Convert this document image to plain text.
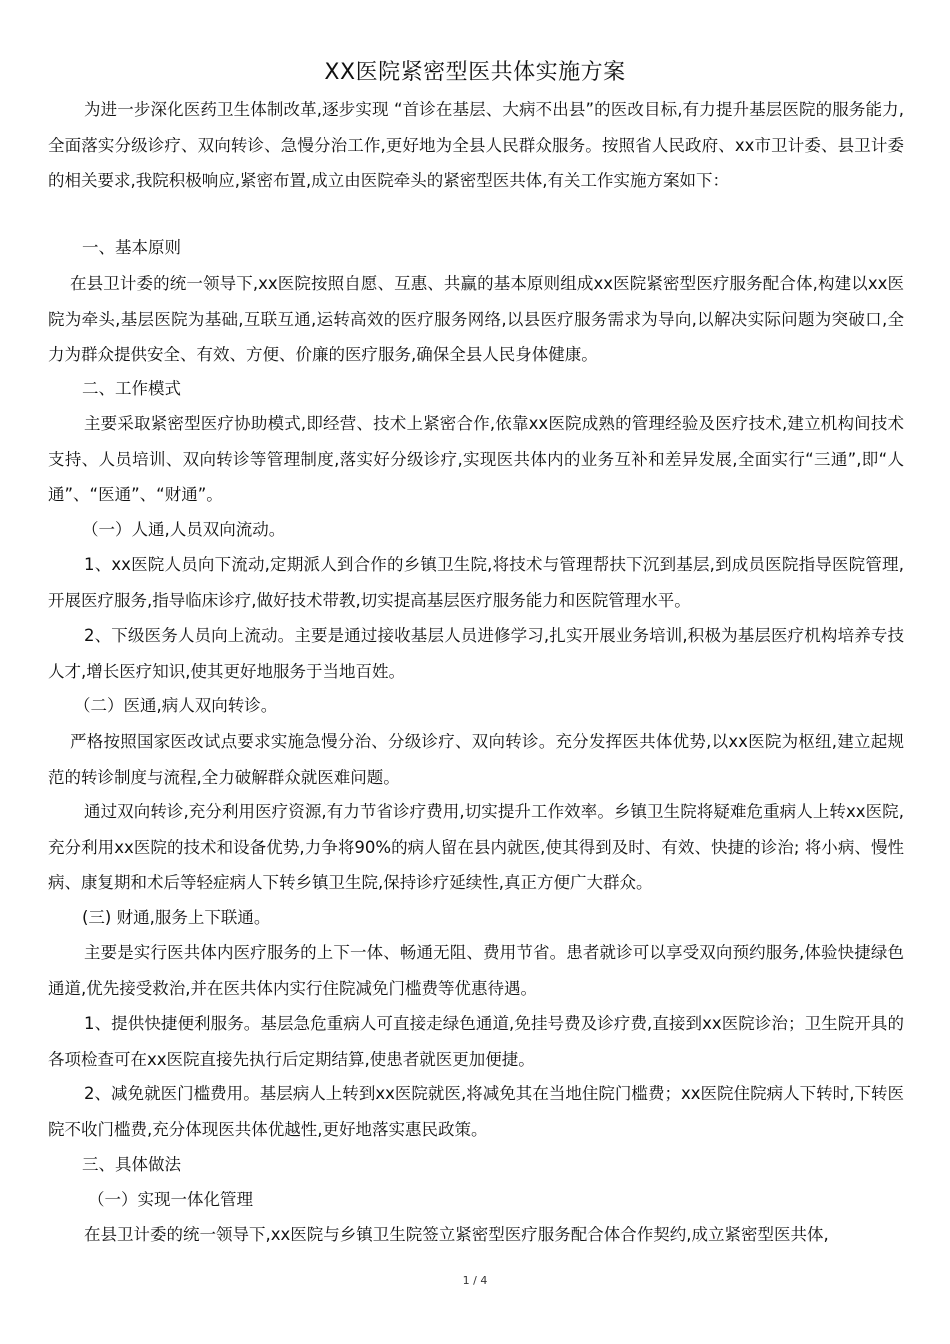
XX医院紧密型医共体实施方案

为进一步深化医药卫生体制改革,逐步实现 “首诊在基层、大病不出县”的医改目标,有力提升基层医院的服务能力,全面落实分级诊疗、双向转诊、急慢分治工作,更好地为全县人民群众服务。按照省人民政府、xx市卫计委、县卫计委的相关要求,我院积极响应,紧密布置,成立由医院牵头的紧密型医共体,有关工作实施方案如下：

一、基本原则

在县卫计委的统一领导下,xx医院按照自愿、互惠、共赢的基本原则组成xx医院紧密型医疗服务配合体,构建以xx医院为牵头,基层医院为基础,互联互通,运转高效的医疗服务网络,以县医疗服务需求为导向,以解决实际问题为突破口,全力为群众提供安全、有效、方便、价廉的医疗服务,确保全县人民身体健康。

二、工作模式

主要采取紧密型医疗协助模式,即经营、技术上紧密合作,依靠xx医院成熟的管理经验及医疗技术,建立机构间技术支持、人员培训、双向转诊等管理制度,落实好分级诊疗,实现医共体内的业务互补和差异发展,全面实行“三通”,即“人通”、“医通”、“财通”。

（一）人通,人员双向流动。

1、xx医院人员向下流动,定期派人到合作的乡镇卫生院,将技术与管理帮扶下沉到基层,到成员医院指导医院管理,开展医疗服务,指导临床诊疗,做好技术带教,切实提高基层医疗服务能力和医院管理水平。

2、下级医务人员向上流动。主要是通过接收基层人员进修学习,扎实开展业务培训,积极为基层医疗机构培养专技人才,增长医疗知识,使其更好地服务于当地百姓。

（二）医通,病人双向转诊。

严格按照国家医改试点要求实施急慢分治、分级诊疗、双向转诊。充分发挥医共体优势,以xx医院为枢纽,建立起规范的转诊制度与流程,全力破解群众就医难问题。

通过双向转诊,充分利用医疗资源,有力节省诊疗费用,切实提升工作效率。乡镇卫生院将疑难危重病人上转xx医院,充分利用xx医院的技术和设备优势,力争将90%的病人留在县内就医,使其得到及时、有效、快捷的诊治; 将小病、慢性病、康复期和术后等轻症病人下转乡镇卫生院,保持诊疗延续性,真正方便广大群众。

(三) 财通,服务上下联通。

主要是实行医共体内医疗服务的上下一体、畅通无阻、费用节省。患者就诊可以享受双向预约服务,体验快捷绿色通道,优先接受救治,并在医共体内实行住院减免门槛费等优惠待遇。

1、提供快捷便利服务。基层急危重病人可直接走绿色通道,免挂号费及诊疗费,直接到xx医院诊治；卫生院开具的各项检查可在xx医院直接先执行后定期结算,使患者就医更加便捷。

2、减免就医门槛费用。基层病人上转到xx医院就医,将减免其在当地住院门槛费；xx医院住院病人下转时,下转医院不收门槛费,充分体现医共体优越性,更好地落实惠民政策。

三、具体做法

（一）实现一体化管理

在县卫计委的统一领导下,xx医院与乡镇卫生院签立紧密型医疗服务配合体合作契约,成立紧密型医共体,

1 / 4
